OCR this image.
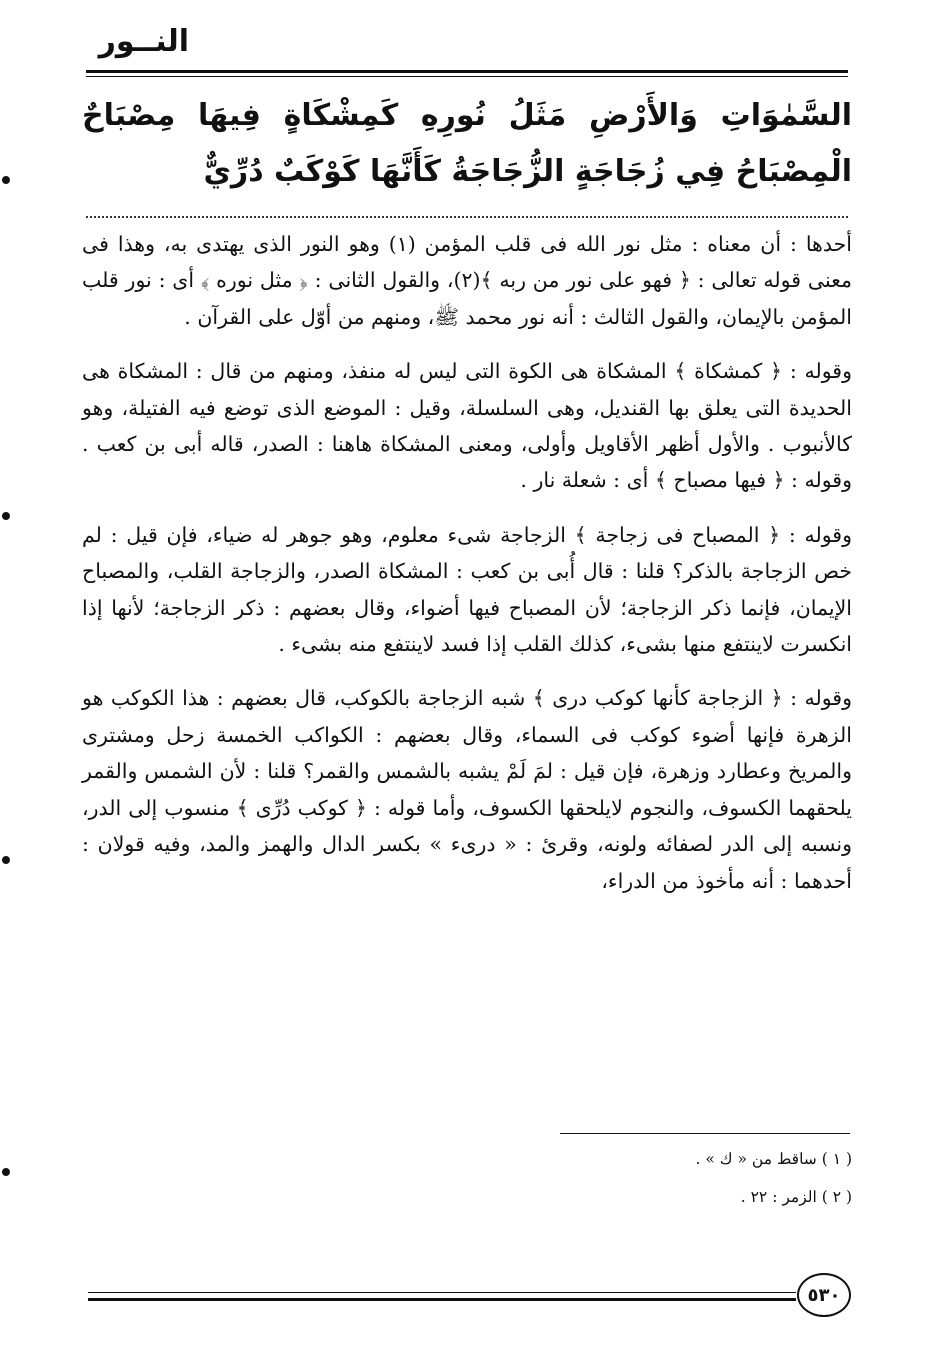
النــور
السَّمٰوَاتِ وَالأَرْضِ مَثَلُ نُورِهِ كَمِشْكَاةٍ فِيهَا مِصْبَاحٌ الْمِصْبَاحُ فِي زُجَاجَةٍ الزُّجَاجَةُ كَأَنَّهَا كَوْكَبٌ دُرِّيٌّ

أحدها : أن معناه : مثل نور الله فى قلب المؤمن (١) وهو النور الذى يهتدى به، وهذا فى معنى قوله تعالى : ﴿ فهو على نور من ربه ﴾(٢)، والقول الثانى : ﴿ مثل نوره ﴾ أى : نور قلب المؤمن بالإيمان، والقول الثالث : أنه نور محمد ﷺ، ومنهم من أوّل على القرآن .

وقوله : ﴿ كمشكاة ﴾ المشكاة هى الكوة التى ليس له منفذ، ومنهم من قال : المشكاة هى الحديدة التى يعلق بها القنديل، وهى السلسلة، وقيل : الموضع الذى توضع فيه الفتيلة، وهو كالأنبوب . والأول أظهر الأقاويل وأولى، ومعنى المشكاة هاهنا : الصدر، قاله أبى بن كعب . وقوله : ﴿ فيها مصباح ﴾ أى : شعلة نار .

وقوله : ﴿ المصباح فى زجاجة ﴾ الزجاجة شىء معلوم، وهو جوهر له ضياء، فإن قيل : لم خص الزجاجة بالذكر؟ قلنا : قال أُبى بن كعب : المشكاة الصدر، والزجاجة القلب، والمصباح الإيمان، فإنما ذكر الزجاجة؛ لأن المصباح فيها أضواء، وقال بعضهم : ذكر الزجاجة؛ لأنها إذا انكسرت لاينتفع منها بشىء، كذلك القلب إذا فسد لاينتفع منه بشىء .

وقوله : ﴿ الزجاجة كأنها كوكب درى ﴾ شبه الزجاجة بالكوكب، قال بعضهم : هذا الكوكب هو الزهرة فإنها أضوء كوكب فى السماء، وقال بعضهم : الكواكب الخمسة زحل ومشترى والمريخ وعطارد وزهرة، فإن قيل : لمَ لَمْ يشبه بالشمس والقمر؟ قلنا : لأن الشمس والقمر يلحقهما الكسوف، والنجوم لايلحقها الكسوف، وأما قوله : ﴿ كوكب دُرِّى ﴾ منسوب إلى الدر، ونسبه إلى الدر لصفائه ولونه، وقرئ : « درىء » بكسر الدال والهمز والمد، وفيه قولان : أحدهما : أنه مأخوذ من الدراء،

( ١ ) ساقط من « ك » .

( ٢ ) الزمر : ٢٢ .

٥٣٠
